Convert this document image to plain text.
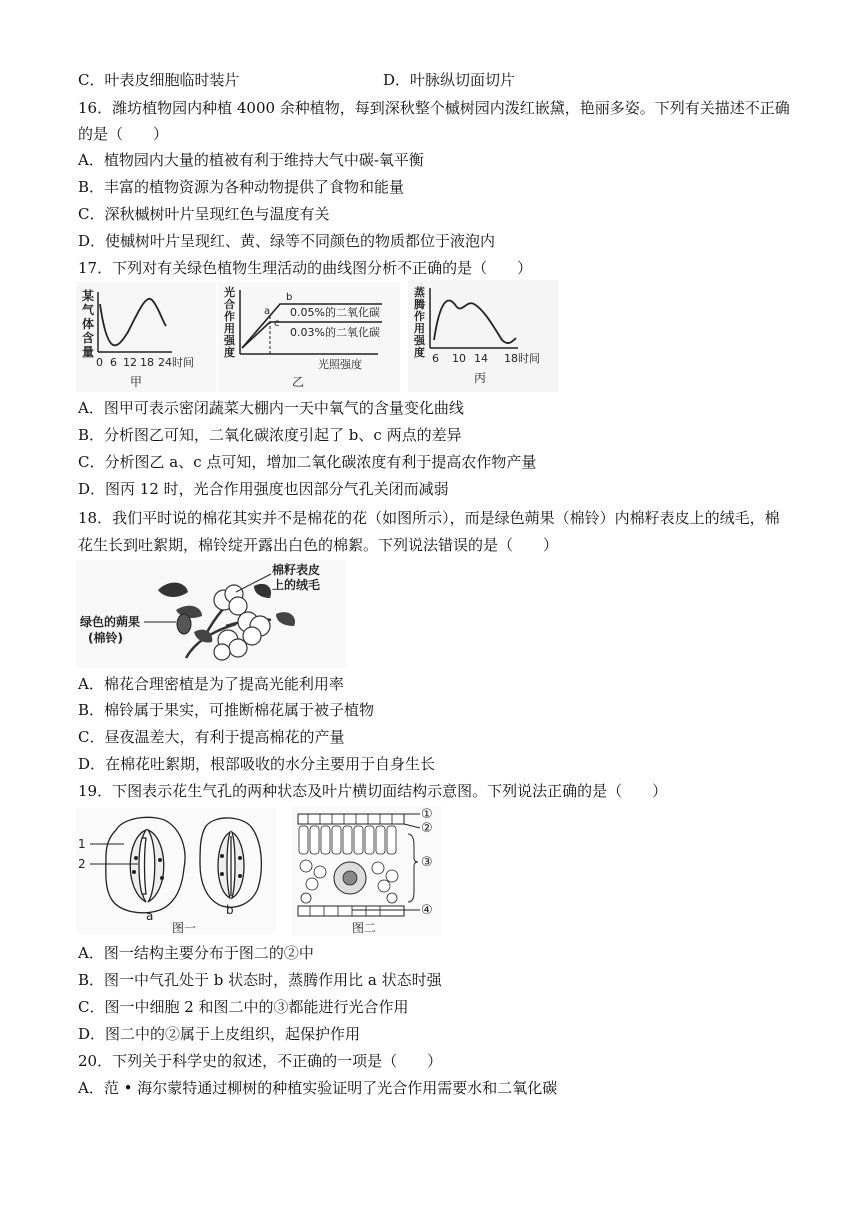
C．叶表皮细胞临时装片	D．叶脉纵切面切片
16．潍坊植物园内种植 4000 余种植物，每到深秋整个槭树园内泼红嵌黛，艳丽多姿。下列有关描述不正确
的是（　　）
A．植物园内大量的植被有利于维持大气中碳-氧平衡
B．丰富的植物资源为各种动物提供了食物和能量
C．深秋槭树叶片呈现红色与温度有关
D．使槭树叶片呈现红、黄、绿等不同颜色的物质都位于液泡内
17．下列对有关绿色植物生理活动的曲线图分析不正确的是（　　）
某
气
体
含
量
0 6 12 18 24 时间
甲
光
合
作
用
强
度
a
b
c
0.05%的二氧化碳
0.03%的二氧化碳
光照强度
乙
蒸
腾
作
用
强
度 6 10 14 18 时间
丙
A．图甲可表示密闭蔬菜大棚内一天中氧气的含量变化曲线
B．分析图乙可知，二氧化碳浓度引起了 b、c 两点的差异
C．分析图乙 a、c 点可知，增加二氧化碳浓度有利于提高农作物产量
D．图丙 12 时，光合作用强度也因部分气孔关闭而减弱
18．我们平时说的棉花其实并不是棉花的花（如图所示），而是绿色蒴果（棉铃）内棉籽表皮上的绒毛，棉
花生长到吐絮期，棉铃绽开露出白色的棉絮。下列说法错误的是（　　）
棉籽表皮
上的绒毛
绿色的蒴果
(棉铃)
A．棉花合理密植是为了提高光能利用率
B．棉铃属于果实，可推断棉花属于被子植物
C．昼夜温差大，有利于提高棉花的产量
D．在棉花吐絮期，根部吸收的水分主要用于自身生长
19．下图表示花生气孔的两种状态及叶片横切面结构示意图。下列说法正确的是（　　）
1
2
a	b
图一
①
②
③
④
图二
A．图一结构主要分布于图二的②中
B．图一中气孔处于 b 状态时，蒸腾作用比 a 状态时强
C．图一中细胞 2 和图二中的③都能进行光合作用
D．图二中的②属于上皮组织，起保护作用
20．下列关于科学史的叙述，不正确的一项是（　　）
A．范 • 海尔蒙特通过柳树的种植实验证明了光合作用需要水和二氧化碳
